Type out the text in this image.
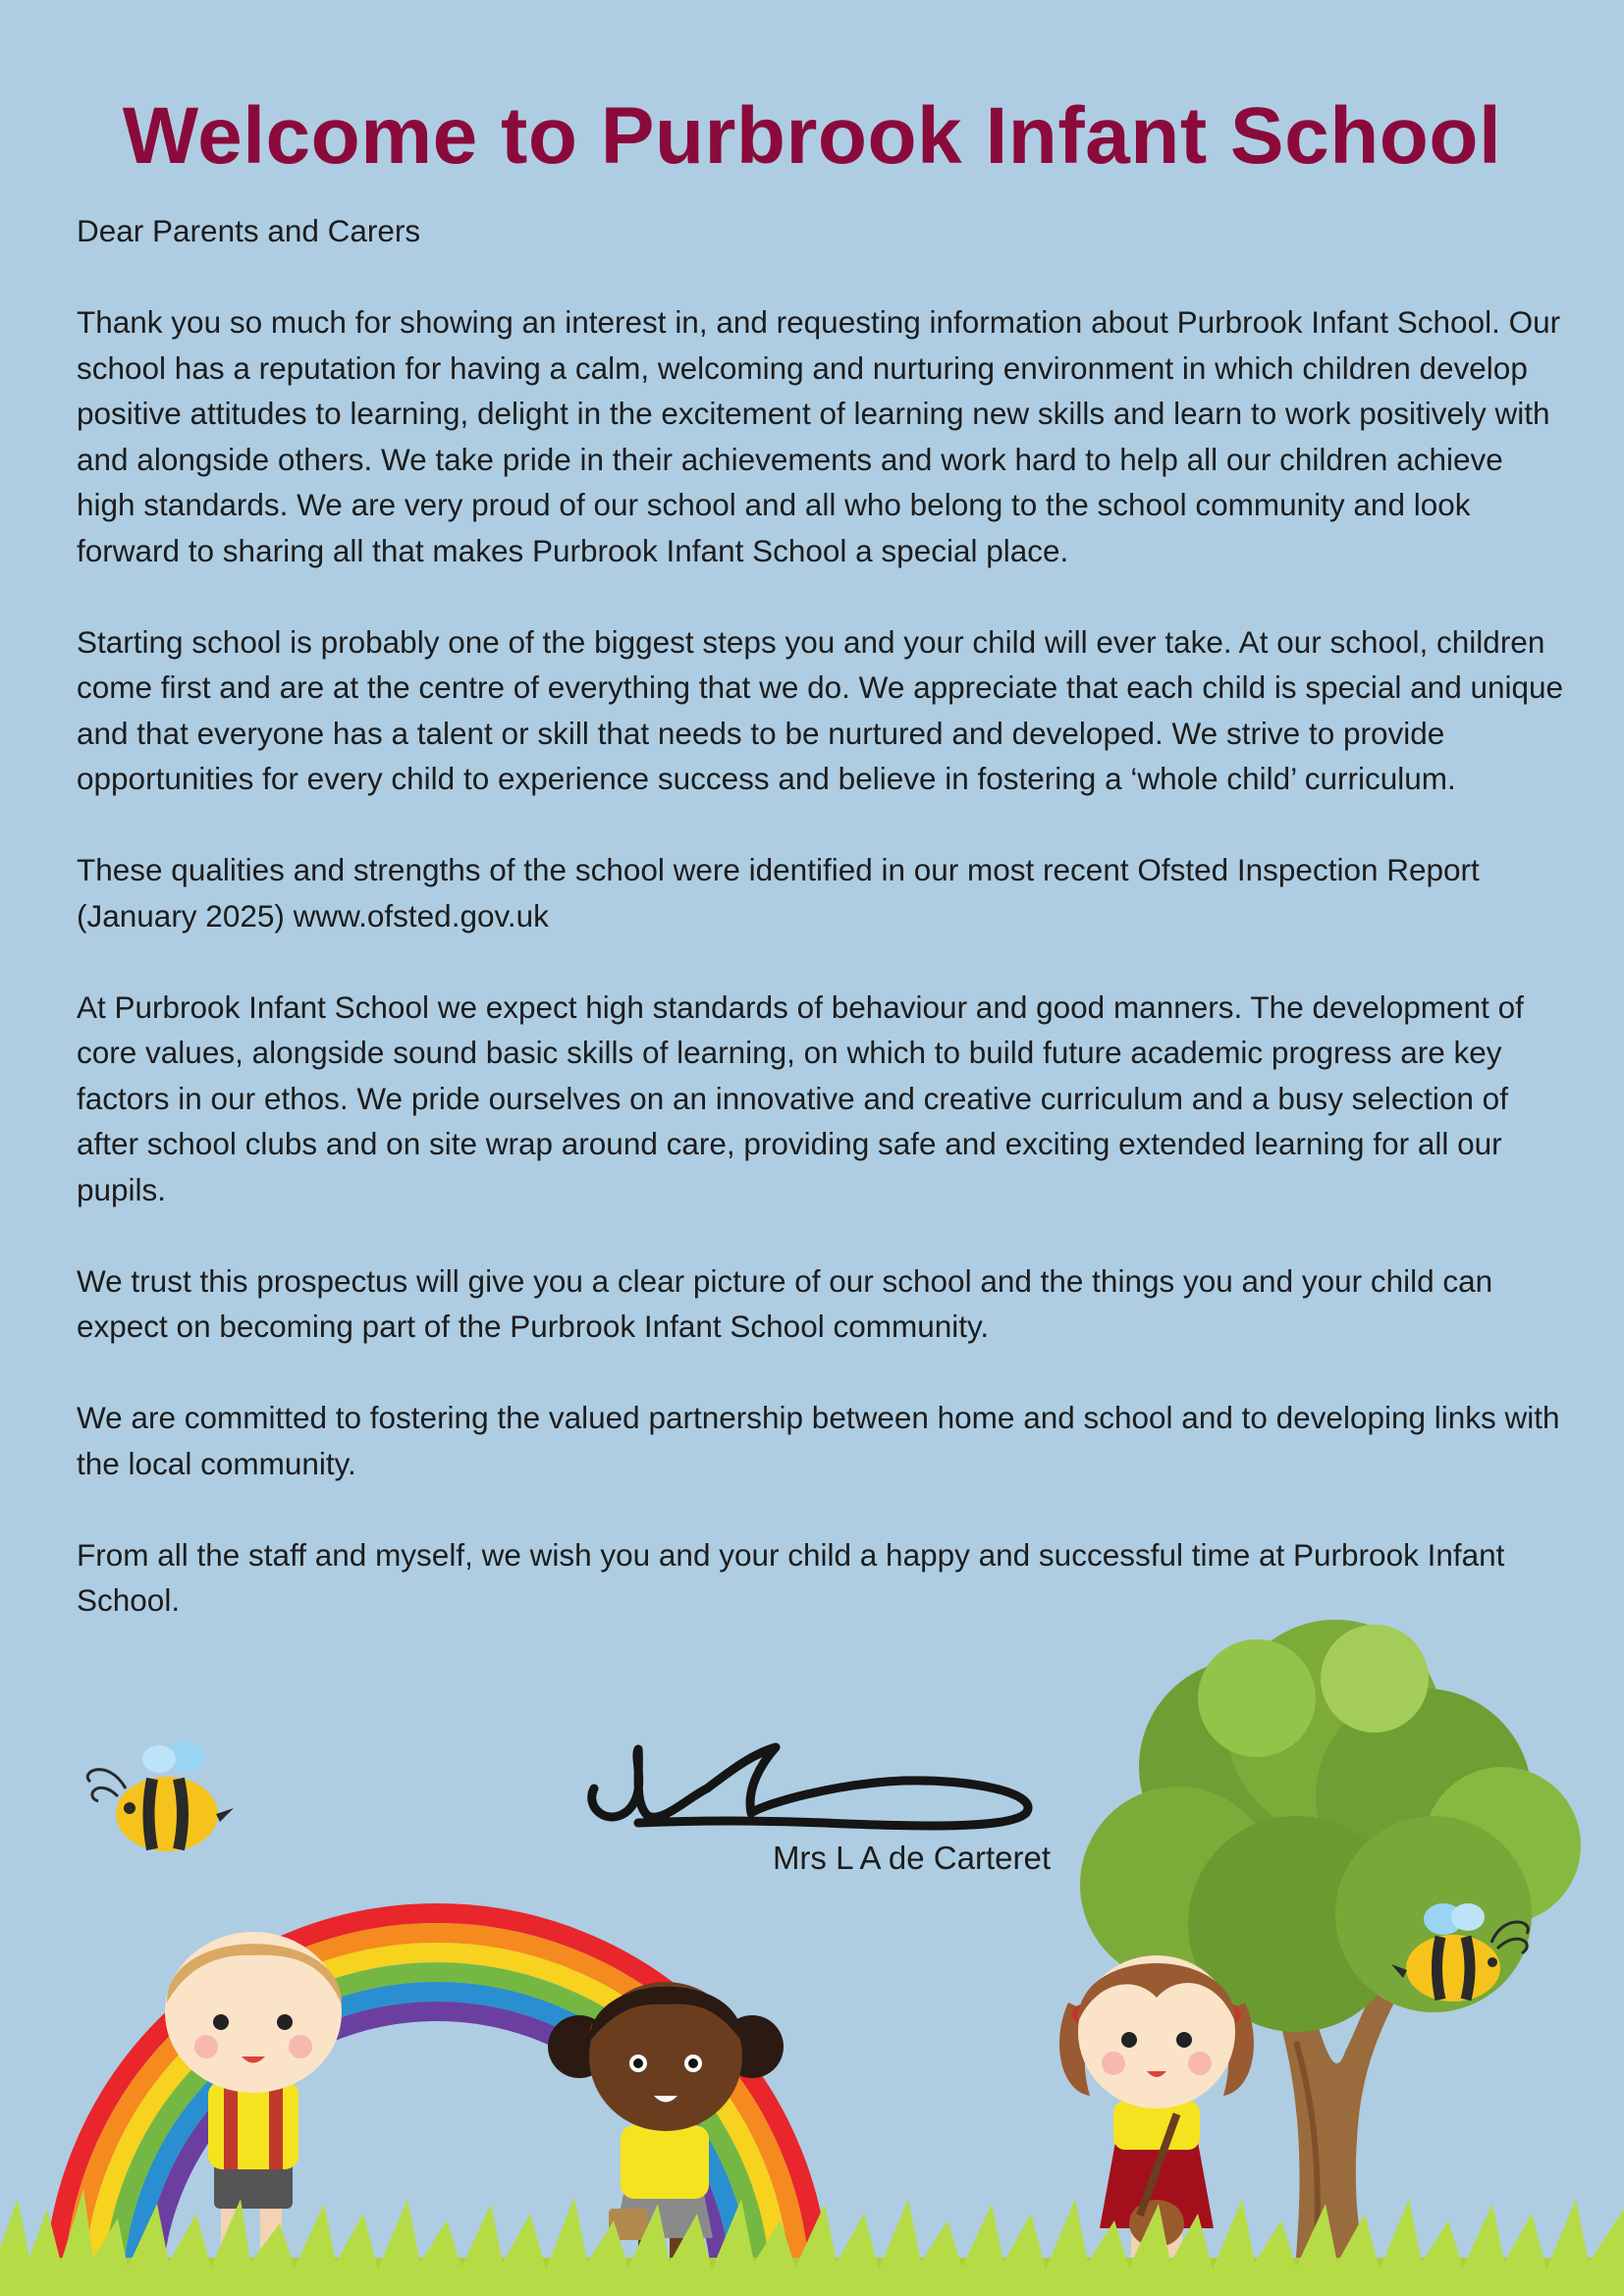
Welcome to Purbrook Infant School

Dear Parents and Carers

Thank you so much for showing an interest in, and requesting information about Purbrook Infant School. Our school has a reputation for having a calm, welcoming and nurturing environment in which children develop positive attitudes to learning, delight in the excitement of learning new skills and learn to work positively with and alongside others. We take pride in their achievements and work hard to help all our children achieve high standards. We are very proud of our school and all who belong to the school community and look forward to sharing all that makes Purbrook Infant School a special place.

Starting school is probably one of the biggest steps you and your child will ever take. At our school, children come first and are at the centre of everything that we do. We appreciate that each child is special and unique and that everyone has a talent or skill that needs to be nurtured and developed. We strive to provide opportunities for every child to experience success and believe in fostering a ‘whole child’ curriculum.

These qualities and strengths of the school were identified in our most recent Ofsted Inspection Report (January 2025) www.ofsted.gov.uk

At Purbrook Infant School we expect high standards of behaviour and good manners. The development of core values, alongside sound basic skills of learning, on which to build future academic progress are key factors in our ethos. We pride ourselves on an innovative and creative curriculum and a busy selection of after school clubs and on site wrap around care, providing safe and exciting extended learning for all our pupils.

We trust this prospectus will give you a clear picture of our school and the things you and your child can expect on becoming part of the Purbrook Infant School community.

We are committed to fostering the valued partnership between home and school and to developing links with the local community.

From all the staff and myself, we wish you and your child a happy and successful time at Purbrook Infant School.

Mrs L A de Carteret
